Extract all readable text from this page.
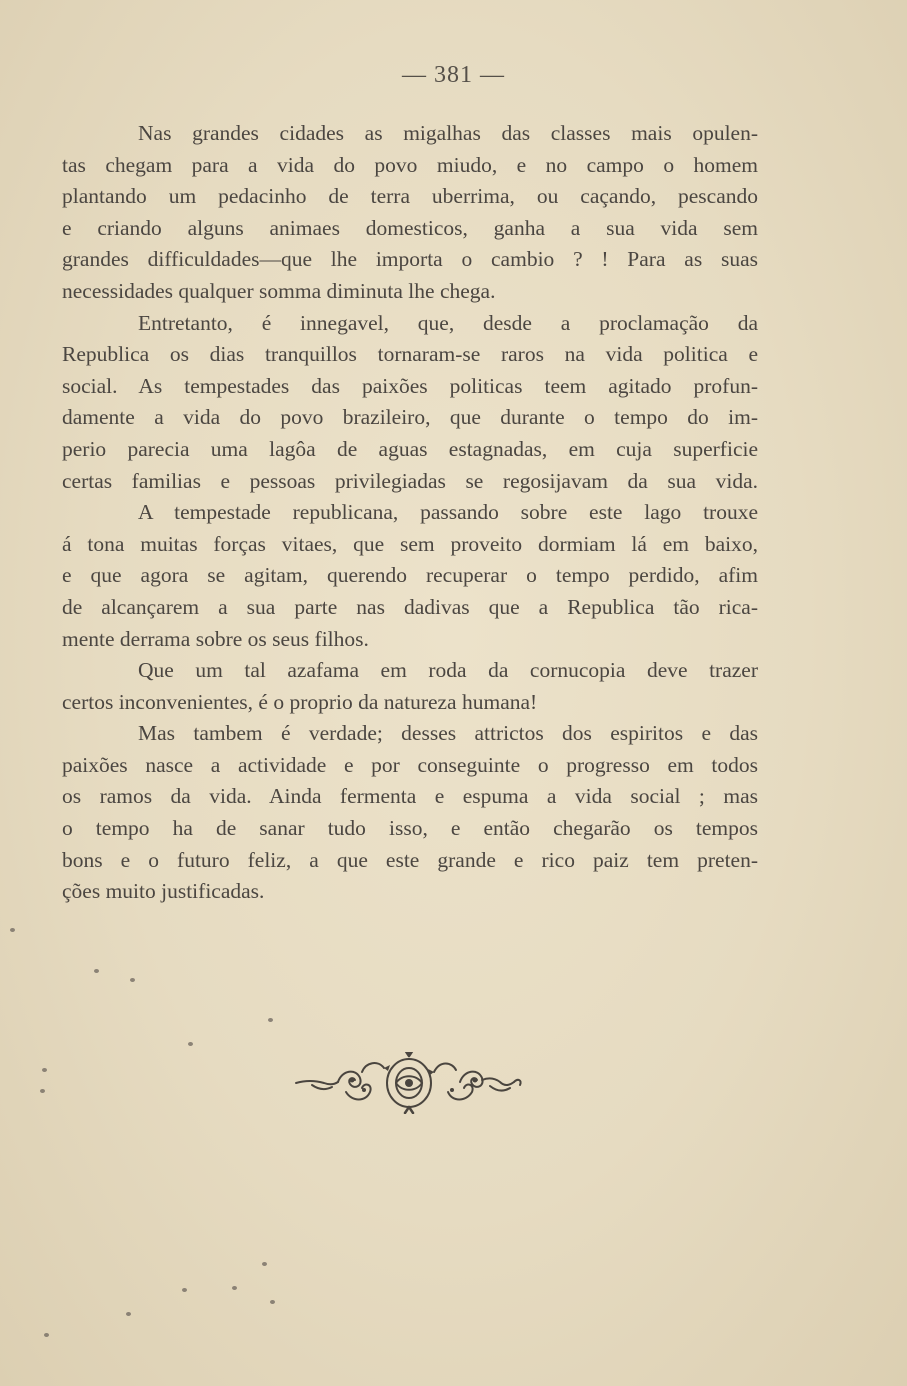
— 381 —
Nas grandes cidades as migalhas das classes mais opulen-
tas chegam para a vida do povo miudo, e no campo o homem
plantando um pedacinho de terra uberrima, ou caçando, pescando
e criando alguns animaes domesticos, ganha a sua vida sem
grandes difficuldades—que lhe importa o cambio ? ! Para as suas
necessidades qualquer somma diminuta lhe chega.
Entretanto, é innegavel, que, desde a proclamação da
Republica os dias tranquillos tornaram-se raros na vida politica e
social. As tempestades das paixões politicas teem agitado profun-
damente a vida do povo brazileiro, que durante o tempo do im-
perio parecia uma lagôa de aguas estagnadas, em cuja superficie
certas familias e pessoas privilegiadas se regosijavam da sua vida.
A tempestade republicana, passando sobre este lago trouxe
á tona muitas forças vitaes, que sem proveito dormiam lá em baixo,
e que agora se agitam, querendo recuperar o tempo perdido, afim
de alcançarem a sua parte nas dadivas que a Republica tão rica-
mente derrama sobre os seus filhos.
Que um tal azafama em roda da cornucopia deve trazer
certos inconvenientes, é o proprio da natureza humana!
Mas tambem é verdade; desses attrictos dos espiritos e das
paixões nasce a actividade e por conseguinte o progresso em todos
os ramos da vida. Ainda fermenta e espuma a vida social ; mas
o tempo ha de sanar tudo isso, e então chegarão os tempos
bons e o futuro feliz, a que este grande e rico paiz tem preten-
ções muito justificadas.
